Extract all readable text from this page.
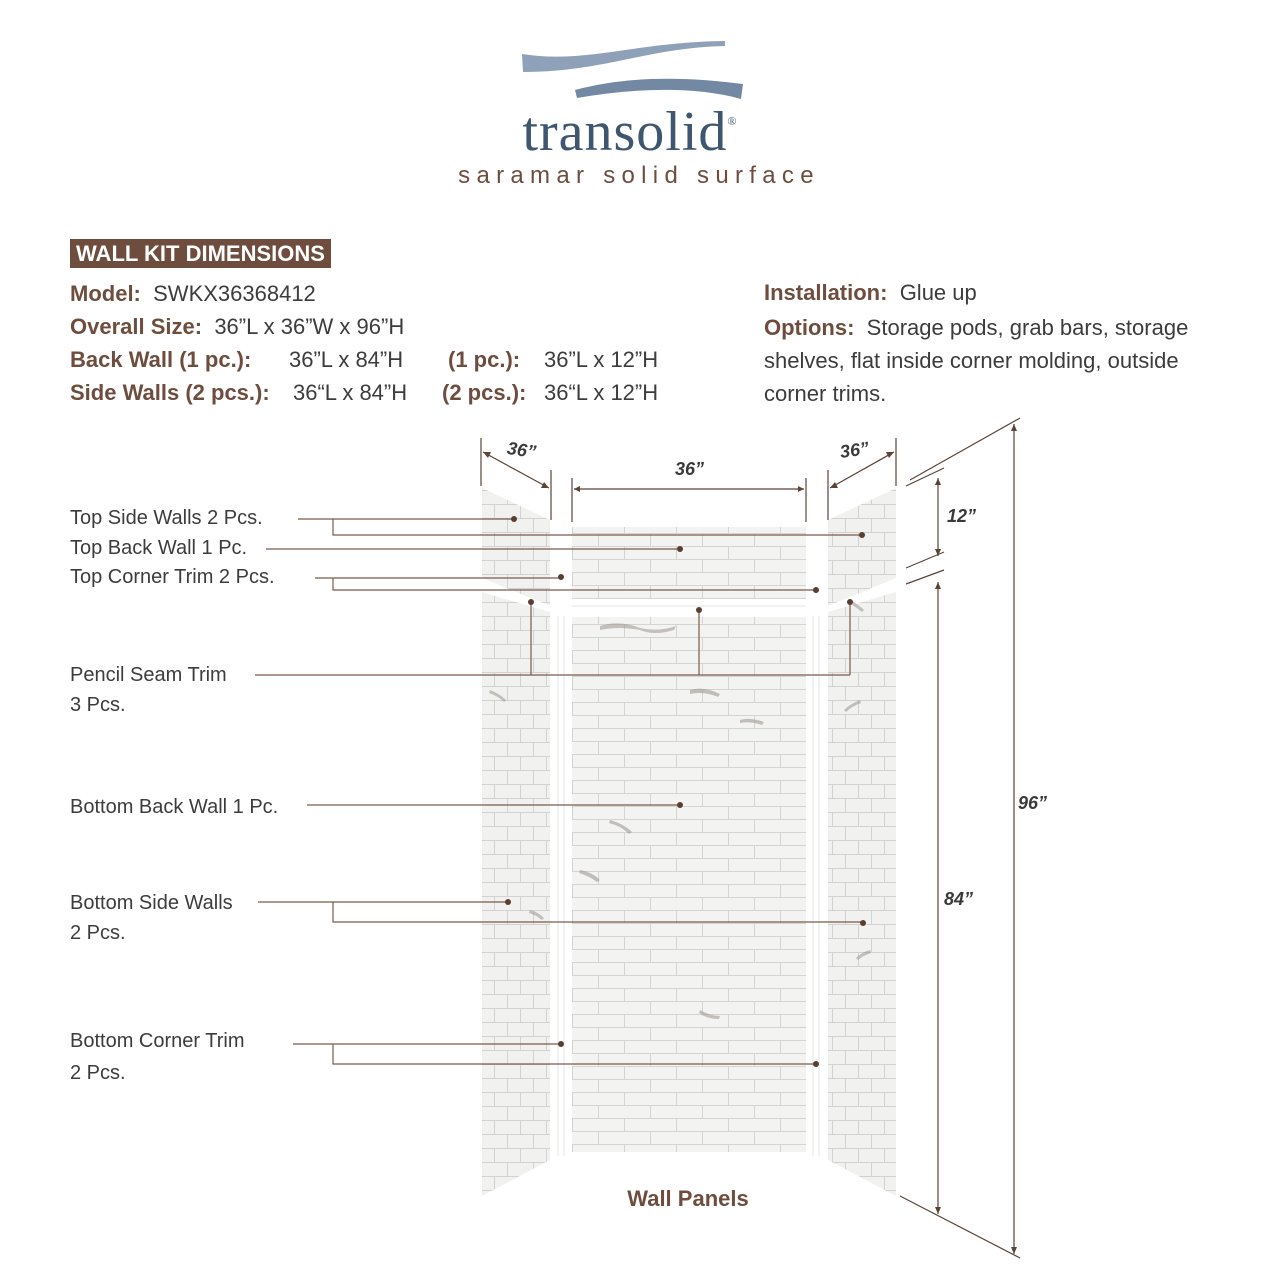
transolid®
saramar solid surface
WALL KIT DIMENSIONS
Model: SWKX36368412
Overall Size: 36”L x 36”W x 96”H
Back Wall (1 pc.): 36”L x 84”H (1 pc.): 36”L x 12”H
Side Walls (2 pcs.): 36“L x 84”H (2 pcs.): 36“L x 12”H
Installation: Glue up
Options: Storage pods, grab bars, storage shelves, flat inside corner molding, outside corner trims.
36”
36”
36”
12”
84”
96”
Top Side Walls 2 Pcs.
Top Back Wall 1 Pc.
Top Corner Trim 2 Pcs.
Pencil Seam Trim
3 Pcs.
Bottom Back Wall 1 Pc.
Bottom Side Walls
2 Pcs.
Bottom Corner Trim
2 Pcs.
Wall Panels
